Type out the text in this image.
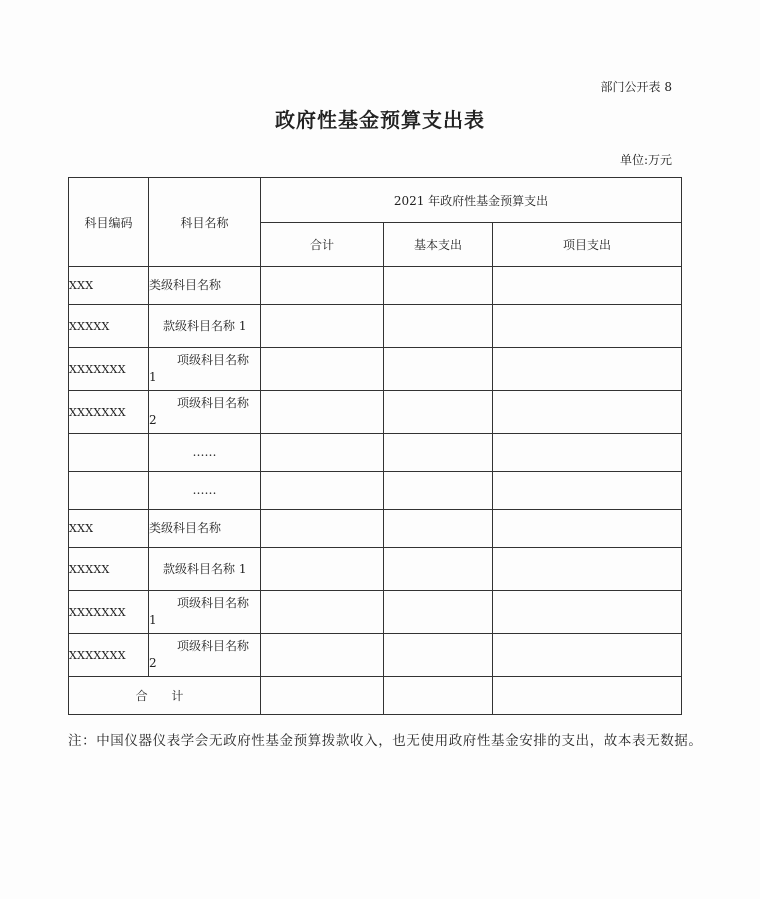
部门公开表 8
政府性基金预算支出表
单位:万元
科目编码	科目名称	2021 年政府性基金预算支出		
		合计	基本支出	项目支出
XXX	类级科目名称			
XXXXX	款级科目名称 1			
XXXXXXX	项级科目名称 1			
XXXXXXX	项级科目名称 2			
	……			
	……			
XXX	类级科目名称			
XXXXX	款级科目名称 1			
XXXXXXX	项级科目名称 1			
XXXXXXX	项级科目名称 2			
合 计				
注：中国仪器仪表学会无政府性基金预算拨款收入，也无使用政府性基金安排的支出，故本表无数据。
